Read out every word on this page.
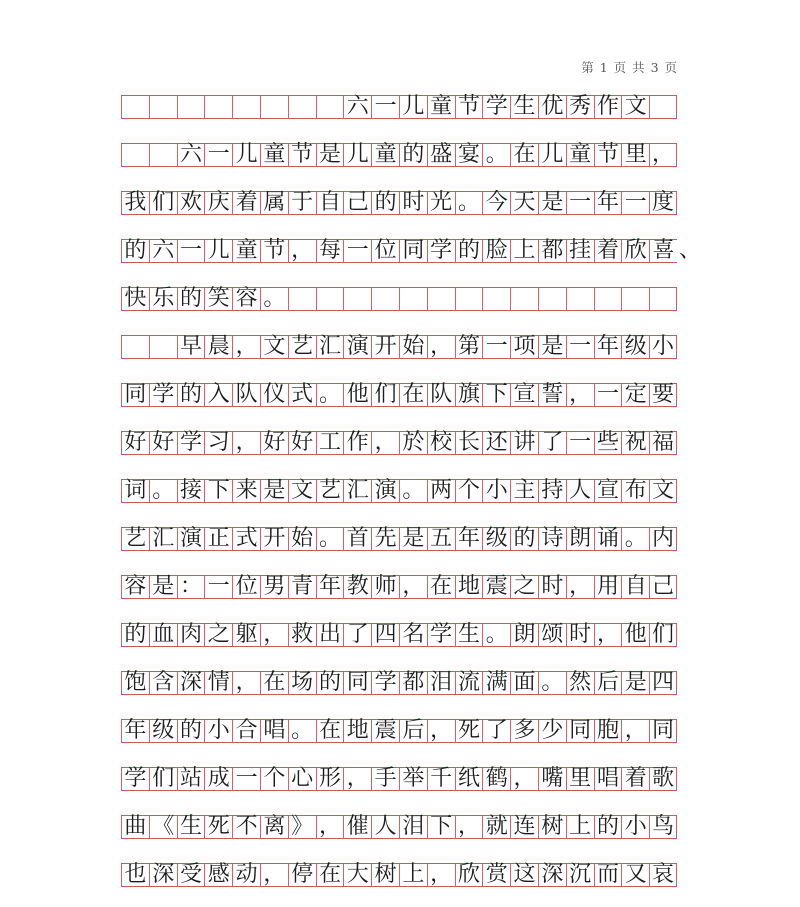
第 1 页 共 3 页
六 一 儿 童 节 学 生 优 秀 作 文
六 一 儿 童 节 是 儿 童 的 盛 宴 。 在 儿 童 节 里 ，
我 们 欢 庆 着 属 于 自 己 的 时 光 。 今 天 是 一 年 一 度
的 六 一 儿 童 节 ， 每 一 位 同 学 的 脸 上 都 挂 着 欣 喜 、
快 乐 的 笑 容 。
早 晨 ， 文 艺 汇 演 开 始 ， 第 一 项 是 一 年 级 小
同 学 的 入 队 仪 式 。 他 们 在 队 旗 下 宣 誓 ， 一 定 要
好 好 学 习 ， 好 好 工 作 ， 於 校 长 还 讲 了 一 些 祝 福
词 。 接 下 来 是 文 艺 汇 演 。 两 个 小 主 持 人 宣 布 文
艺 汇 演 正 式 开 始 。 首 先 是 五 年 级 的 诗 朗 诵 。 内
容 是 ： 一 位 男 青 年 教 师 ， 在 地 震 之 时 ， 用 自 己
的 血 肉 之 躯 ， 救 出 了 四 名 学 生 。 朗 颂 时 ， 他 们
饱 含 深 情 ， 在 场 的 同 学 都 泪 流 满 面 。 然 后 是 四
年 级 的 小 合 唱 。 在 地 震 后 ， 死 了 多 少 同 胞 ， 同
学 们 站 成 一 个 心 形 ， 手 举 千 纸 鹤 ， 嘴 里 唱 着 歌
曲 《 生 死 不 离 》 ， 催 人 泪 下 ， 就 连 树 上 的 小 鸟
也 深 受 感 动 ， 停 在 大 树 上 ， 欣 赏 这 深 沉 而 又 哀
